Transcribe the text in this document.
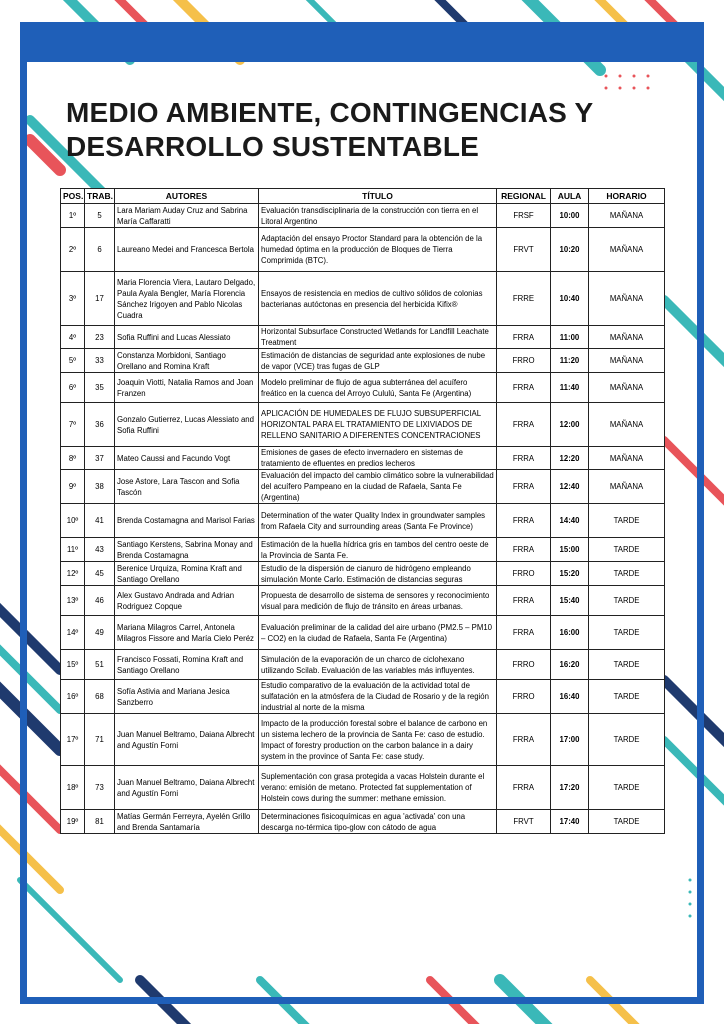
MEDIO AMBIENTE, CONTINGENCIAS Y DESARROLLO SUSTENTABLE
POS.	TRAB.	AUTORES	TÍTULO	REGIONAL	AULA	HORARIO
1º	5	Lara Mariam Auday Cruz and Sabrina María Caffaratti	Evaluación transdisciplinaria de la construcción con tierra en el Litoral Argentino	FRSF	10:00	MAÑANA
2º	6	Laureano Medei and Francesca Bertola	Adaptación del ensayo Proctor Standard para la obtención de la humedad óptima en la producción de Bloques de Tierra Comprimida (BTC).	FRVT	10:20	MAÑANA
3º	17	Maria Florencia Viera, Lautaro Delgado, Paula Ayala Bengler, María Florencia Sánchez Irigoyen and Pablo Nicolas Cuadra	Ensayos de resistencia en medios de cultivo sólidos de colonias bacterianas autóctonas en presencia del herbicida Kifix®	FRRE	10:40	MAÑANA
4º	23	Sofia Ruffini and Lucas Alessiato	Horizontal Subsurface Constructed Wetlands for Landfill Leachate Treatment	FRRA	11:00	MAÑANA
5º	33	Constanza Morbidoni, Santiago Orellano and Romina Kraft	Estimación de distancias de seguridad ante explosiones de nube de vapor (VCE) tras fugas de GLP	FRRO	11:20	MAÑANA
6º	35	Joaquin Viotti, Natalia Ramos and Joan Franzen	Modelo preliminar de flujo de agua subterránea del acuífero freático en la cuenca del Arroyo Cululú, Santa Fe (Argentina)	FRRA	11:40	MAÑANA
7º	36	Gonzalo Gutierrez, Lucas Alessiato and Sofia Ruffini	APLICACIÓN DE HUMEDALES DE FLUJO SUBSUPERFICIAL HORIZONTAL PARA EL TRATAMIENTO DE LIXIVIADOS DE RELLENO SANITARIO A DIFERENTES CONCENTRACIONES	FRRA	12:00	MAÑANA
8º	37	Mateo Caussi and Facundo Vogt	Emisiones de gases de efecto invernadero en sistemas de tratamiento de efluentes en predios lecheros	FRRA	12:20	MAÑANA
9º	38	Jose Astore, Lara Tascon and Sofia Tascón	Evaluación del impacto del cambio climático sobre la vulnerabilidad del acuífero Pampeano en la ciudad de Rafaela, Santa Fe (Argentina)	FRRA	12:40	MAÑANA
10º	41	Brenda Costamagna and Marisol Farias	Determination of the water Quality Index in groundwater samples from Rafaela City and surrounding areas (Santa Fe Province)	FRRA	14:40	TARDE
11º	43	Santiago Kerstens, Sabrina Monay and Brenda Costamagna	Estimación de la huella hídrica gris en tambos del centro oeste de la Provincia de Santa Fe.	FRRA	15:00	TARDE
12º	45	Berenice Urquiza, Romina Kraft and Santiago Orellano	Estudio de la dispersión de cianuro de hidrógeno empleando simulación Monte Carlo. Estimación de distancias seguras	FRRO	15:20	TARDE
13º	46	Alex Gustavo Andrada and Adrian Rodriguez Copque	Propuesta de desarrollo de sistema de sensores y reconocimiento visual para medición de flujo de tránsito en áreas urbanas.	FRRA	15:40	TARDE
14º	49	Mariana Milagros Carrel, Antonela Milagros Fissore and María Cielo Peréz	Evaluación preliminar de la calidad del aire urbano (PM2.5 – PM10 – CO2) en la ciudad de Rafaela, Santa Fe (Argentina)	FRRA	16:00	TARDE
15º	51	Francisco Fossati, Romina Kraft and Santiago Orellano	Simulación de la evaporación de un charco de ciclohexano utilizando Scilab. Evaluación de las variables más influyentes.	FRRO	16:20	TARDE
16º	68	Sofía Astivia and Mariana Jesica Sanzberro	Estudio comparativo de la evaluación de la actividad total de sulfatación en la atmósfera de la Ciudad de Rosario y de la región industrial al norte de la misma	FRRO	16:40	TARDE
17º	71	Juan Manuel Beltramo, Daiana Albrecht and Agustín Forni	Impacto de la producción forestal sobre el balance de carbono en un sistema lechero de la provincia de Santa Fe: caso de estudio. Impact of forestry production on the carbon balance in a dairy system in the province of Santa Fe: case study.	FRRA	17:00	TARDE
18º	73	Juan Manuel Beltramo, Daiana Albrecht and Agustín Forni	Suplementación con grasa protegida a vacas Holstein durante el verano: emisión de metano. Protected fat supplementation of Holstein cows during the summer: methane emission.	FRRA	17:20	TARDE
19º	81	Matías Germán Ferreyra, Ayelén Grillo and Brenda Santamaría	Determinaciones fisicoquímicas en agua 'activada' con una descarga no-térmica tipo-glow con cátodo de agua	FRVT	17:40	TARDE
